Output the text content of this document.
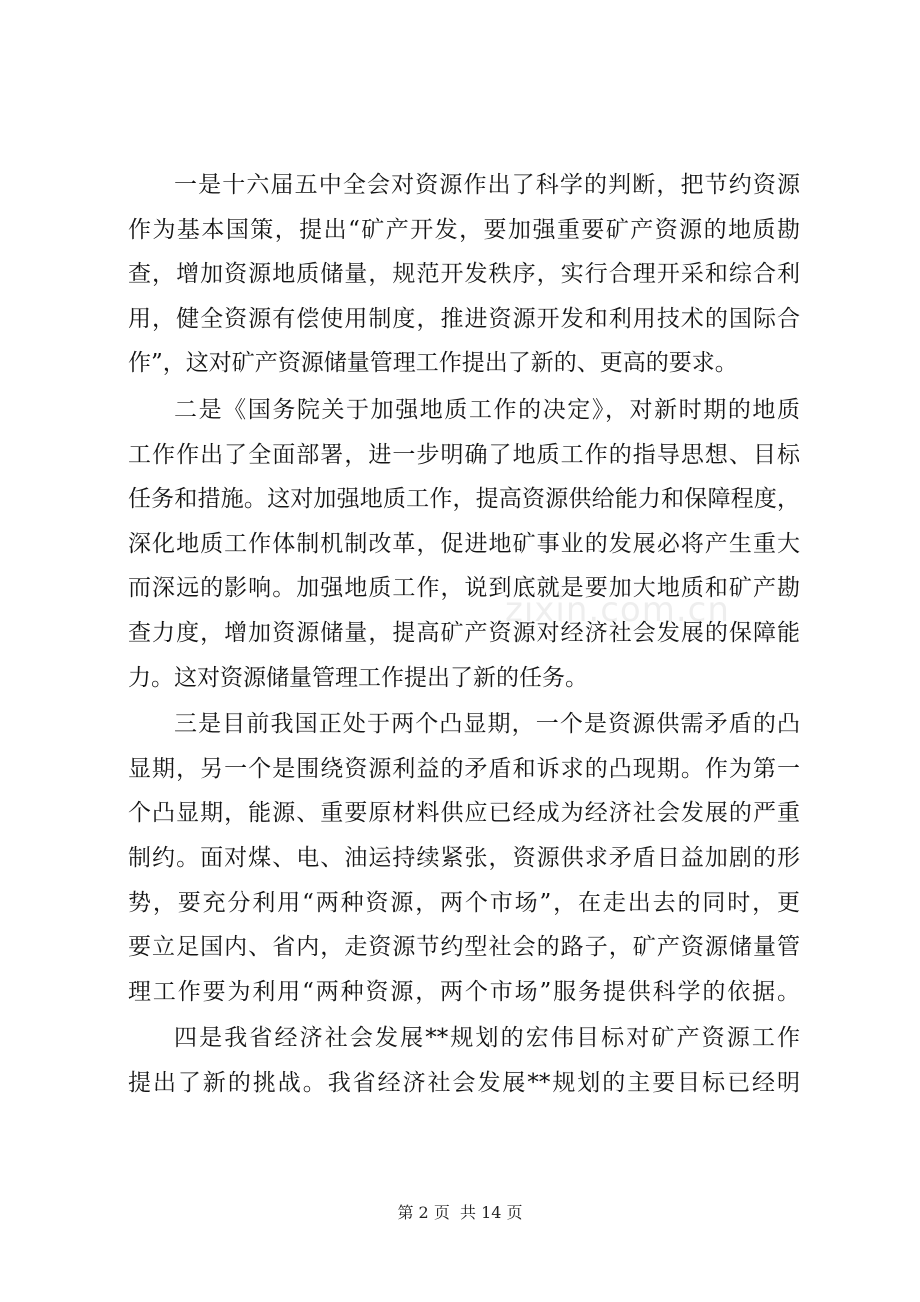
一是十六届五中全会对资源作出了科学的判断，把节约资源
作为基本国策，提出“矿产开发，要加强重要矿产资源的地质勘
查，增加资源地质储量，规范开发秩序，实行合理开采和综合利
用，健全资源有偿使用制度，推进资源开发和利用技术的国际合
作”，这对矿产资源储量管理工作提出了新的、更高的要求。
二是《国务院关于加强地质工作的决定》，对新时期的地质
工作作出了全面部署，进一步明确了地质工作的指导思想、目标
任务和措施。这对加强地质工作，提高资源供给能力和保障程度，
深化地质工作体制机制改革，促进地矿事业的发展必将产生重大
而深远的影响。加强地质工作，说到底就是要加大地质和矿产勘
查力度，增加资源储量，提高矿产资源对经济社会发展的保障能
力。这对资源储量管理工作提出了新的任务。
三是目前我国正处于两个凸显期，一个是资源供需矛盾的凸
显期，另一个是围绕资源利益的矛盾和诉求的凸现期。作为第一
个凸显期，能源、重要原材料供应已经成为经济社会发展的严重
制约。面对煤、电、油运持续紧张，资源供求矛盾日益加剧的形
势，要充分利用“两种资源，两个市场”，在走出去的同时，更
要立足国内、省内，走资源节约型社会的路子，矿产资源储量管
理工作要为利用“两种资源，两个市场”服务提供科学的依据。
四是我省经济社会发展**规划的宏伟目标对矿产资源工作
提出了新的挑战。我省经济社会发展**规划的主要目标已经明
zixin.com.cn
第 2 页  共 14 页
